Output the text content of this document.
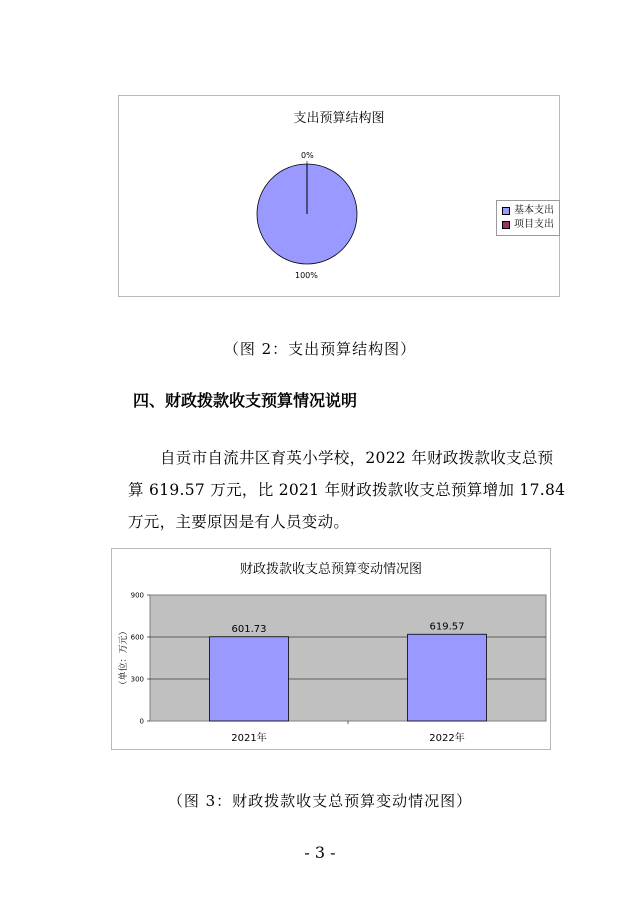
支出预算结构图
0%
100%
基本支出
项目支出
（图 2：支出预算结构图）
四、财政拨款收支预算情况说明
自贡市自流井区育英小学校，2022 年财政拨款收支总预
算 619.57 万元，比 2021 年财政拨款收支总预算增加 17.84
万元，主要原因是有人员变动。
财政拨款收支总预算变动情况图
0
300
600
900
（单位：万元）	601.73
2021年
619.57
2022年
（图 3：财政拨款收支总预算变动情况图）
- 3 -
